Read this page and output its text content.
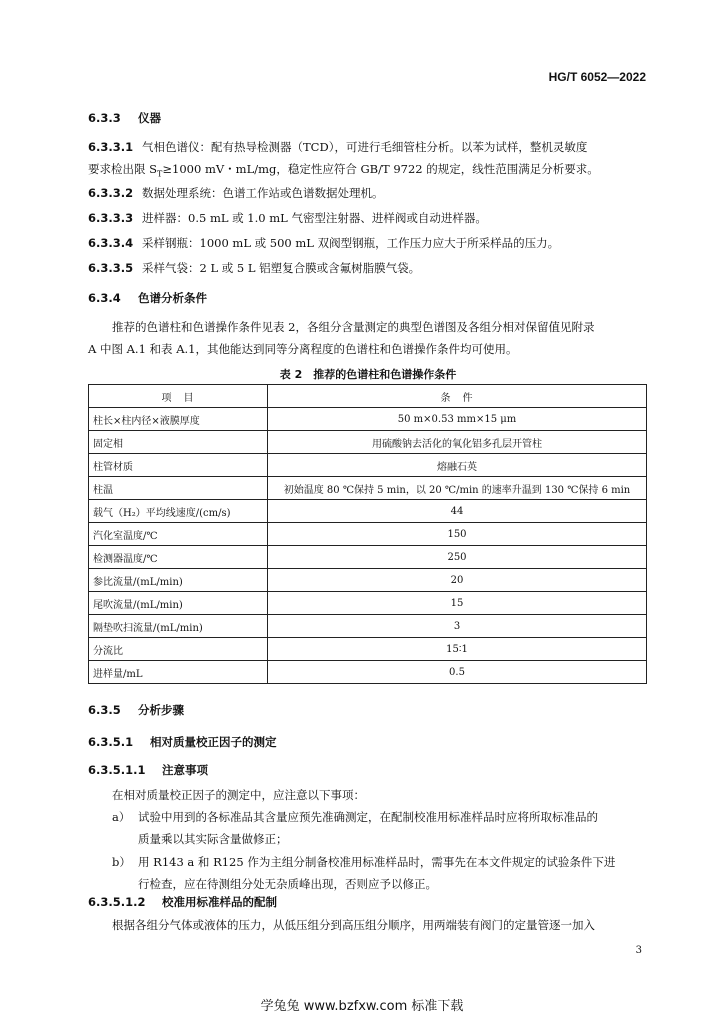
HG/T 6052—2022
6.3.3 仪器
6.3.3.1 气相色谱仪：配有热导检测器（TCD），可进行毛细管柱分析。以苯为试样，整机灵敏度
要求检出限 $S_T\ge 1000$ mV・mL/mg，稳定性应符合 GB/T 9722 的规定，线性范围满足分析要求。
6.3.3.2 数据处理系统：色谱工作站或色谱数据处理机。
6.3.3.3 进样器：0.5 mL 或 1.0 mL 气密型注射器、进样阀或自动进样器。
6.3.3.4 采样钢瓶：1000 mL 或 500 mL 双阀型钢瓶，工作压力应大于所采样品的压力。
6.3.3.5 采样气袋：2 L 或 5 L 铝塑复合膜或含氟树脂膜气袋。
6.3.4 色谱分析条件
推荐的色谱柱和色谱操作条件见表 2，各组分含量测定的典型色谱图及各组分相对保留值见附录
A 中图 A.1 和表 A.1，其他能达到同等分离程度的色谱柱和色谱操作条件均可使用。
表 2　推荐的色谱柱和色谱操作条件
项　目	条　件
柱长×柱内径×液膜厚度	50 m×0.53 mm×15 μm
固定相	用硫酸钠去活化的氧化铝多孔层开管柱
柱管材质	熔融石英
柱温	初始温度 80 ℃保持 5 min，以 20 ℃/min 的速率升温到 130 ℃保持 6 min
载气（H₂）平均线速度/(cm/s)	44
汽化室温度/℃	150
检测器温度/℃	250
参比流量/(mL/min)	20
尾吹流量/(mL/min)	15
隔垫吹扫流量/(mL/min)	3
分流比	15∶1
进样量/mL	0.5
6.3.5 分析步骤
6.3.5.1 相对质量校正因子的测定
6.3.5.1.1 注意事项
在相对质量校正因子的测定中，应注意以下事项：
a） 试验中用到的各标准品其含量应预先准确测定，在配制校准用标准样品时应将所取标准品的
质量乘以其实际含量做修正；
b） 用 R143 a 和 R125 作为主组分制备校准用标准样品时，需事先在本文件规定的试验条件下进
行检查，应在待测组分处无杂质峰出现，否则应予以修正。
6.3.5.1.2 校准用标准样品的配制
根据各组分气体或液体的压力，从低压组分到高压组分顺序，用两端装有阀门的定量管逐一加入
3
学兔兔 www.bzfxw.com 标准下载
